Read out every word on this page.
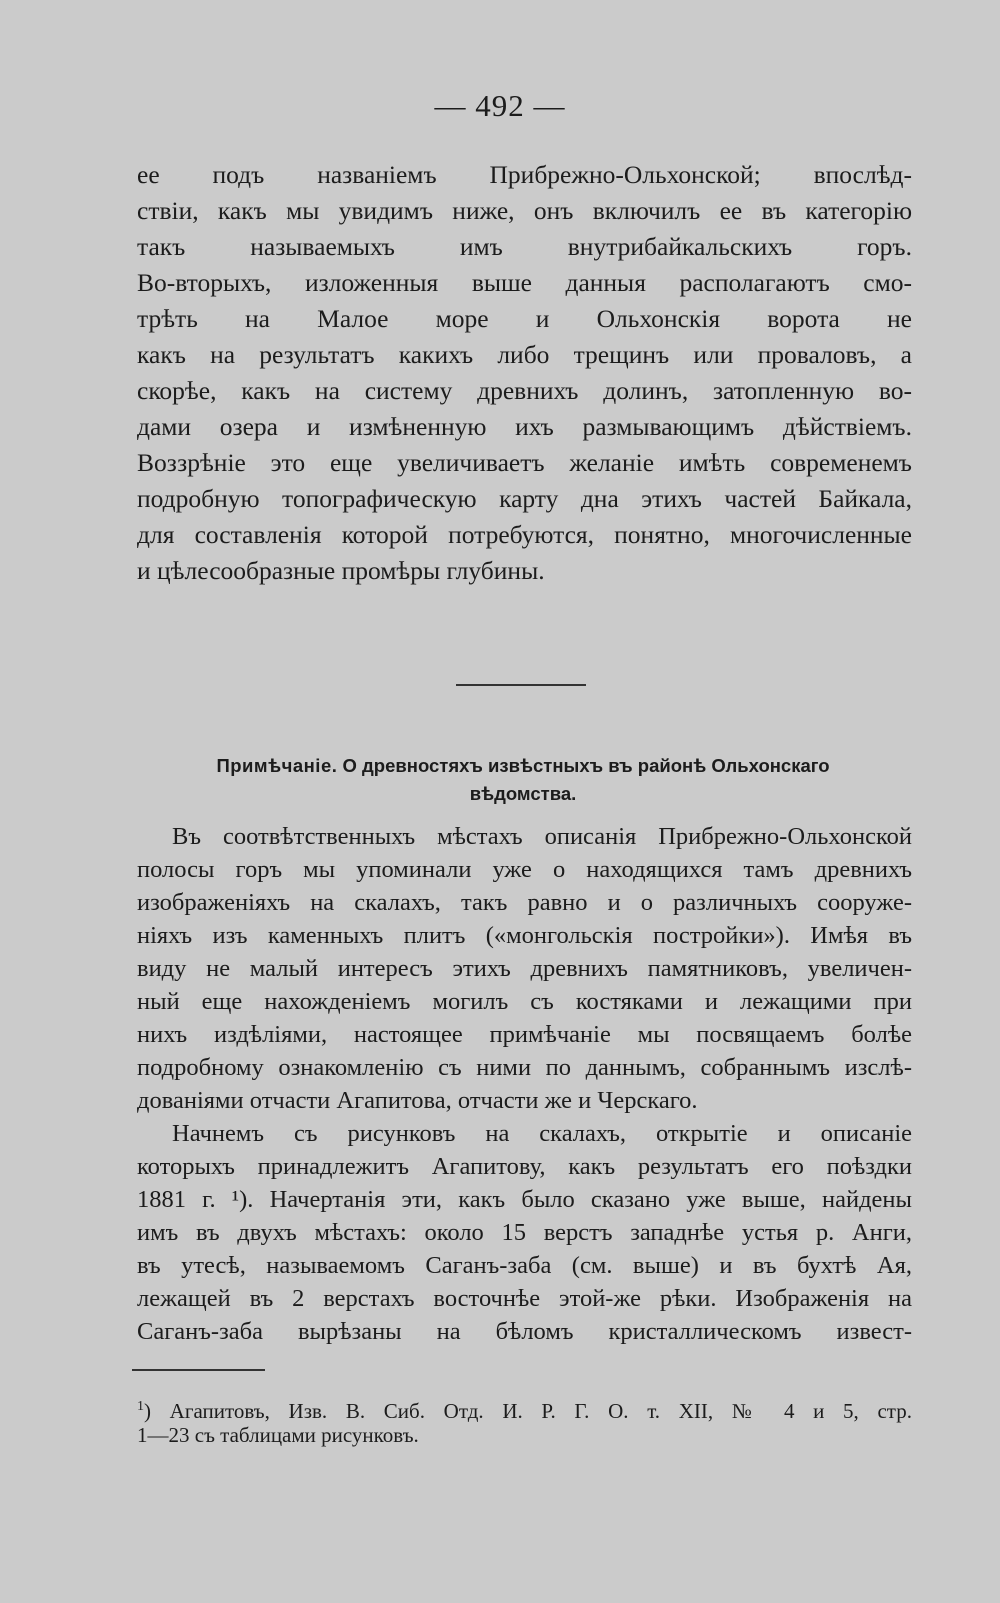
— 492 —
ее подъ названіемъ Прибрежно-Ольхонской; впослѣд-
ствіи, какъ мы увидимъ ниже, онъ включилъ ее въ категорію
такъ называемыхъ имъ внутрибайкальскихъ горъ.
Во-вторыхъ, изложенныя выше данныя располагаютъ смо-
трѣть на Малое море и Ольхонскія ворота не
какъ на результатъ какихъ либо трещинъ или проваловъ, а
скорѣе, какъ на систему древнихъ долинъ, затопленную во-
дами озера и измѣненную ихъ размывающимъ дѣйствіемъ.
Воззрѣніе это еще увеличиваетъ желаніе имѣть современемъ
подробную топографическую карту дна этихъ частей Байкала,
для составленія которой потребуются, понятно, многочисленные
и цѣлесообразные промѣры глубины.
Примѣчаніе. О древностяхъ извѣстныхъ въ районѣ Ольхонскаго
вѣдомства.
Въ соотвѣтственныхъ мѣстахъ описанія Прибрежно-Ольхонской
полосы горъ мы упоминали уже о находящихся тамъ древнихъ
изображеніяхъ на скалахъ, такъ равно и о различныхъ сооруже-
ніяхъ изъ каменныхъ плитъ («монгольскія постройки»). Имѣя въ
виду не малый интересъ этихъ древнихъ памятниковъ, увеличен-
ный еще нахожденіемъ могилъ съ костяками и лежащими при
нихъ издѣліями, настоящее примѣчаніе мы посвящаемъ болѣе
подробному ознакомленію съ ними по даннымъ, собраннымъ изслѣ-
дованіями отчасти Агапитова, отчасти же и Черскаго.
Начнемъ съ рисунковъ на скалахъ, открытіе и описаніе
которыхъ принадлежитъ Агапитову, какъ результатъ его поѣздки
1881 г. ¹). Начертанія эти, какъ было сказано уже выше, найдены
имъ въ двухъ мѣстахъ: около 15 верстъ западнѣе устья р. Анги,
въ утесѣ, называемомъ Саганъ-заба (см. выше) и въ бухтѣ Ая,
лежащей въ 2 верстахъ восточнѣе этой-же рѣки. Изображенія на
Саганъ-заба вырѣзаны на бѣломъ кристаллическомъ извест-
$^1$) Агапитовъ, Изв. В. Сиб. Отд. И. Р. Г. О. т. XII, № 4 и 5, стр.
1—23 съ таблицами рисунковъ.
